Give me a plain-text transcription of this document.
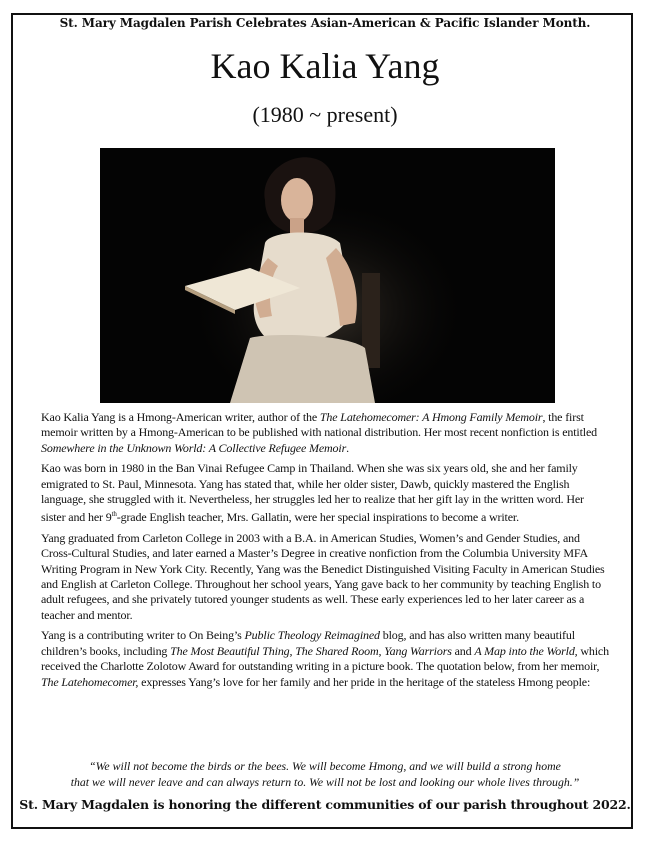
St. Mary Magdalen Parish Celebrates Asian-American & Pacific Islander Month.
Kao Kalia Yang
(1980 ~ present)

Kao Kalia Yang is a Hmong-American writer, author of the The Latehomecomer: A Hmong Family Memoir, the first memoir written by a Hmong-American to be published with national distribution. Her most recent nonfiction is entitled Somewhere in the Unknown World: A Collective Refugee Memoir.

Kao was born in 1980 in the Ban Vinai Refugee Camp in Thailand. When she was six years old, she and her family emigrated to St. Paul, Minnesota. Yang has stated that, while her older sister, Dawb, quickly mastered the English language, she struggled with it. Nevertheless, her struggles led her to realize that her gift lay in the written word. Her sister and her 9th-grade English teacher, Mrs. Gallatin, were her special inspirations to become a writer.

Yang graduated from Carleton College in 2003 with a B.A. in American Studies, Women’s and Gender Studies, and Cross-Cultural Studies, and later earned a Master’s Degree in creative nonfiction from the Columbia University MFA Writing Program in New York City. Recently, Yang was the Benedict Distinguished Visiting Faculty in American Studies and English at Carleton College. Throughout her school years, Yang gave back to her community by teaching English to adult refugees, and she privately tutored younger students as well. These early experiences led to her later career as a teacher and mentor.

Yang is a contributing writer to On Being’s Public Theology Reimagined blog, and has also written many beautiful children’s books, including The Most Beautiful Thing, The Shared Room, Yang Warriors and A Map into the World, which received the Charlotte Zolotow Award for outstanding writing in a picture book. The quotation below, from her memoir, The Latehomecomer, expresses Yang’s love for her family and her pride in the heritage of the stateless Hmong people:

“We will not become the birds or the bees. We will become Hmong, and we will build a strong home
that we will never leave and can always return to. We will not be lost and looking our whole lives through.”
St. Mary Magdalen is honoring the different communities of our parish throughout 2022.
